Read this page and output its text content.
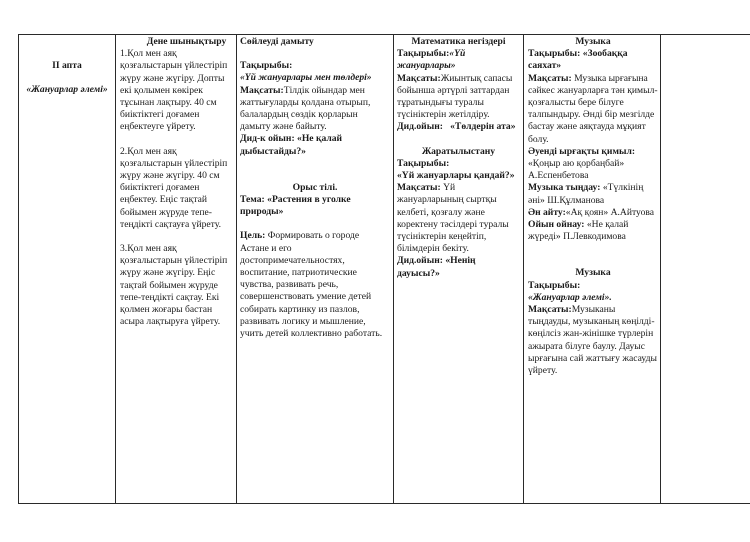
II апта

«Жануарлар әлемі»

Дене шынықтыру

1.Қол мен аяқ қозғалыстарын үйлестіріп жүру және жүгіру. Допты екі қолымен көкірек тұсынан лақтыру. 40 см биіктіктегі доғамен еңбектеуге үйрету.

2.Қол мен аяқ қозғалыстарын үйлестіріп жүру және жүгіру. 40 см биіктіктегі доғамен еңбектеу. Еңіс тақтай бойымен жүруде тепе-теңдікті сақтауға үйрету.

3.Қол мен аяқ қозғалыстарын үйлестіріп жүру және жүгіру. Еңіс тақтай бойымен жүруде тепе-теңдікті сақтау. Екі қолмен жоғары бастан асыра лақтыруға үйрету.

Сөйлеуді дамыту

Тақырыбы:

«Үй жануарлары мен төлдері»

Мақсаты:Тілдік ойындар мен жаттығуларды қолдана отырып, балалардың сөздік қорларын дамыту және байыту.

Дид-к ойын: «Не қалай дыбыстайды?»

Орыс тілі.

Тема: «Растения в уголке природы»

Цель: Формировать о городе Астане и его достопримечательностях, воспитание, патриотические чувства, развивать речь, совершенствовать умение детей собирать картинку из пазлов, развивать логику и мышление, учить детей коллективно работать.

Математика негіздері

Тақырыбы:«Үй жануарлары»

Мақсаты:Жиынтық сапасы бойынша әртүрлі заттардан тұратындығы туралы түсініктерін жетілдіру.

Дид.ойын: «Төлдерін ата»

Жаратылыстану

Тақырыбы:

«Үй жануарлары қандай?»

Мақсаты: Үй жануарларының сыртқы келбеті, қозғалу және коректену тәсілдері туралы түсініктерін кеңейтіп, білімдерін бекіту.

Дид.ойын: «Ненің дауысы?»

Музыка

Тақырыбы: «Зообаққа саяхат»

Мақсаты: Музыка ырғағына сәйкес жануарларға тән қимыл-қозғалысты бере білуге талпындыру. Әнді бір мезгілде бастау және аяқтауда мұқият болу.

Әуенді ырғақты қимыл:

«Қоңыр аю қорбаңбай» А.Еспенбетова

Музыка тыңдау: «Түлкінің әні» Ш.Құлманова

Ән айту:«Ақ қоян» А.Айтуова

Ойын ойнау: «Не қалай жүреді» П.Левкодимова

Музыка

Тақырыбы:

«Жануарлар әлемі».

Мақсаты:Музыканы тыңдауды, музыканың көңілді-көңілсіз жан-жінішке түрлерін ажырата білуге баулу. Дауыс ырғағына сай жаттығу жасауды үйрету.
